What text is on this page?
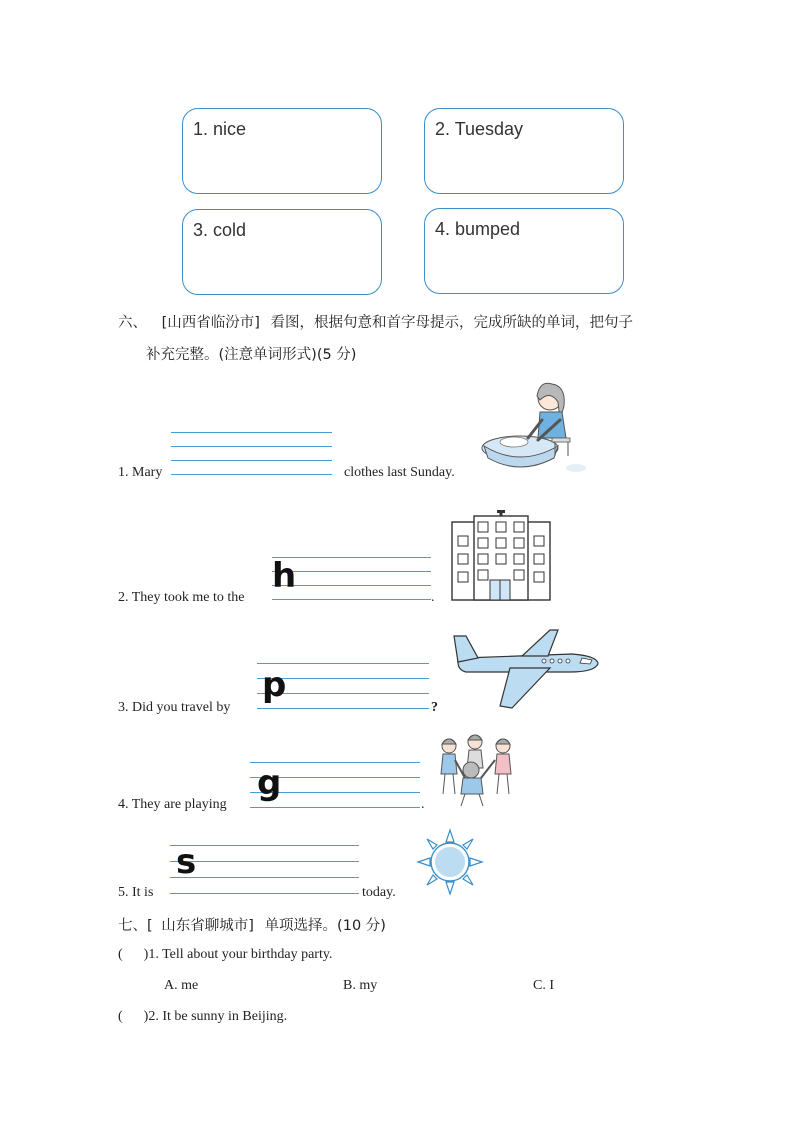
1. nice	2. Tuesday
3. cold	4. bumped
六、 [山西省临汾市] 看图，根据句意和首字母提示，完成所缺的单词，把句子
补充完整。(注意单词形式)(5 分)
1. Mary	clothes last Sunday.
2. They took me to the
h
.
3. Did you travel by
p
?
4. They are playing
g
.
5. It is
s
today.
七、[ 山东省聊城市] 单项选择。(10 分)
(      )1. Tell about your birthday party.
A. me	B. my	C. I
(      )2. It be sunny in Beijing.
